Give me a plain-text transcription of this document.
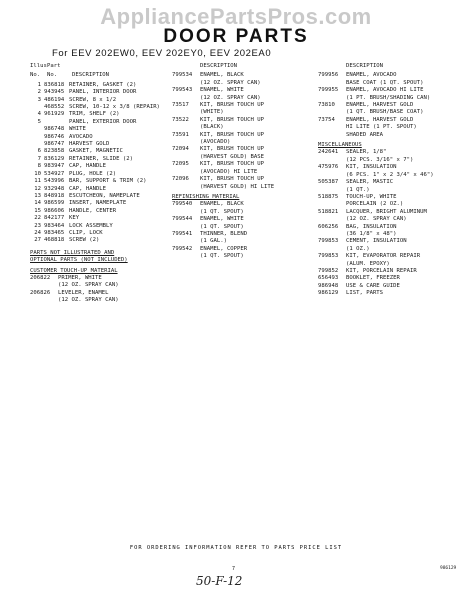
AppliancePartsPros.com
DOOR PARTS
For EEV 202EW0, EEV 202EY0, EEV 202EA0
Illus Part
No.	No.	DESCRIPTION
1 836818 RETAINER, GASKET (2)
2 943945 PANEL, INTERIOR DOOR
3 486194 SCREW, 8 x 1/2
468552 SCREW, 10-12 x 3/8 (REPAIR)
4 961929 TRIM, SHELF (2)
5	PANEL, EXTERIOR DOOR
986748 WHITE
986746 AVOCADO
986747 HARVEST GOLD
6 823858 GASKET, MAGNETIC
7 836129 RETAINER, SLIDE (2)
8 983947 CAP, HANDLE
10 534927 PLUG, HOLE (2)
11 543996 BAR, SUPPORT & TRIM (2)
12 932948 CAP, HANDLE
13 848918 ESCUTCHEON, NAMEPLATE
14 986599 INSERT, NAMEPLATE
15 986606 HANDLE, CENTER
22 842177 KEY
23 983464 LOCK ASSEMBLY
24 983465 CLIP, LOCK
27 468818 SCREW (2)
PARTS NOT ILLUSTRATED AND
OPTIONAL PARTS (NOT INCLUDED)
CUSTOMER TOUCH-UP MATERIAL
206822	PRIMER, WHITE
(12 OZ. SPRAY CAN)
206826	LEVELER, ENAMEL
(12 OZ. SPRAY CAN)
DESCRIPTION
799534	ENAMEL, BLACK
(12 OZ. SPRAY CAN)
799543	ENAMEL, WHITE
(12 OZ. SPRAY CAN)
73517	KIT, BRUSH TOUCH UP
(WHITE)
73522	KIT, BRUSH TOUCH UP
(BLACK)
73591	KIT, BRUSH TOUCH UP
(AVOCADO)
72094	KIT, BRUSH TOUCH UP
(HARVEST GOLD) BASE
72095	KIT, BRUSH TOUCH UP
(AVOCADO) HI LITE
72096	KIT, BRUSH TOUCH UP
(HARVEST GOLD) HI LITE
REFINISHING MATERIAL
799540	ENAMEL, BLACK
(1 QT. SPOUT)
799544	ENAMEL, WHITE
(1 QT. SPOUT)
799541	THINNER, BLEND
(1 GAL.)
799542	ENAMEL, COPPER
(1 QT. SPOUT)
DESCRIPTION
799956	ENAMEL, AVOCADO
BASE COAT (1 QT. SPOUT)
799955	ENAMEL, AVOCADO HI LITE
(1 PT. BRUSH/SHADING CAN)
73810	ENAMEL, HARVEST GOLD
(1 QT. BRUSH/BASE COAT)
73754	ENAMEL, HARVEST GOLD
HI LITE (1 PT. SPOUT)
SHADED AREA
MISCELLANEOUS
242641	SEALER, 1/8"
(12 PCS. 3/16" x 7")
475976	KIT, INSULATION
(6 PCS. 1" x 2 3/4" x 46")
505387	SEALER, MASTIC
(1 QT.)
518875	TOUCH-UP, WHITE
PORCELAIN (2 OZ.)
518821	LACQUER, BRIGHT ALUMINUM
(12 OZ. SPRAY CAN)
606256	BAG, INSULATION
(36 1/8" x 48")
799853	CEMENT, INSULATION
(1 OZ.)
799853	KIT, EVAPORATOR REPAIR
(ALUM. EPOXY)
799852	KIT, PORCELAIN REPAIR
656493	BOOKLET, FREEZER
986948	USE & CARE GUIDE
986129	LIST, PARTS
FOR ORDERING INFORMATION REFER TO PARTS PRICE LIST
7	986129
50-F-12
